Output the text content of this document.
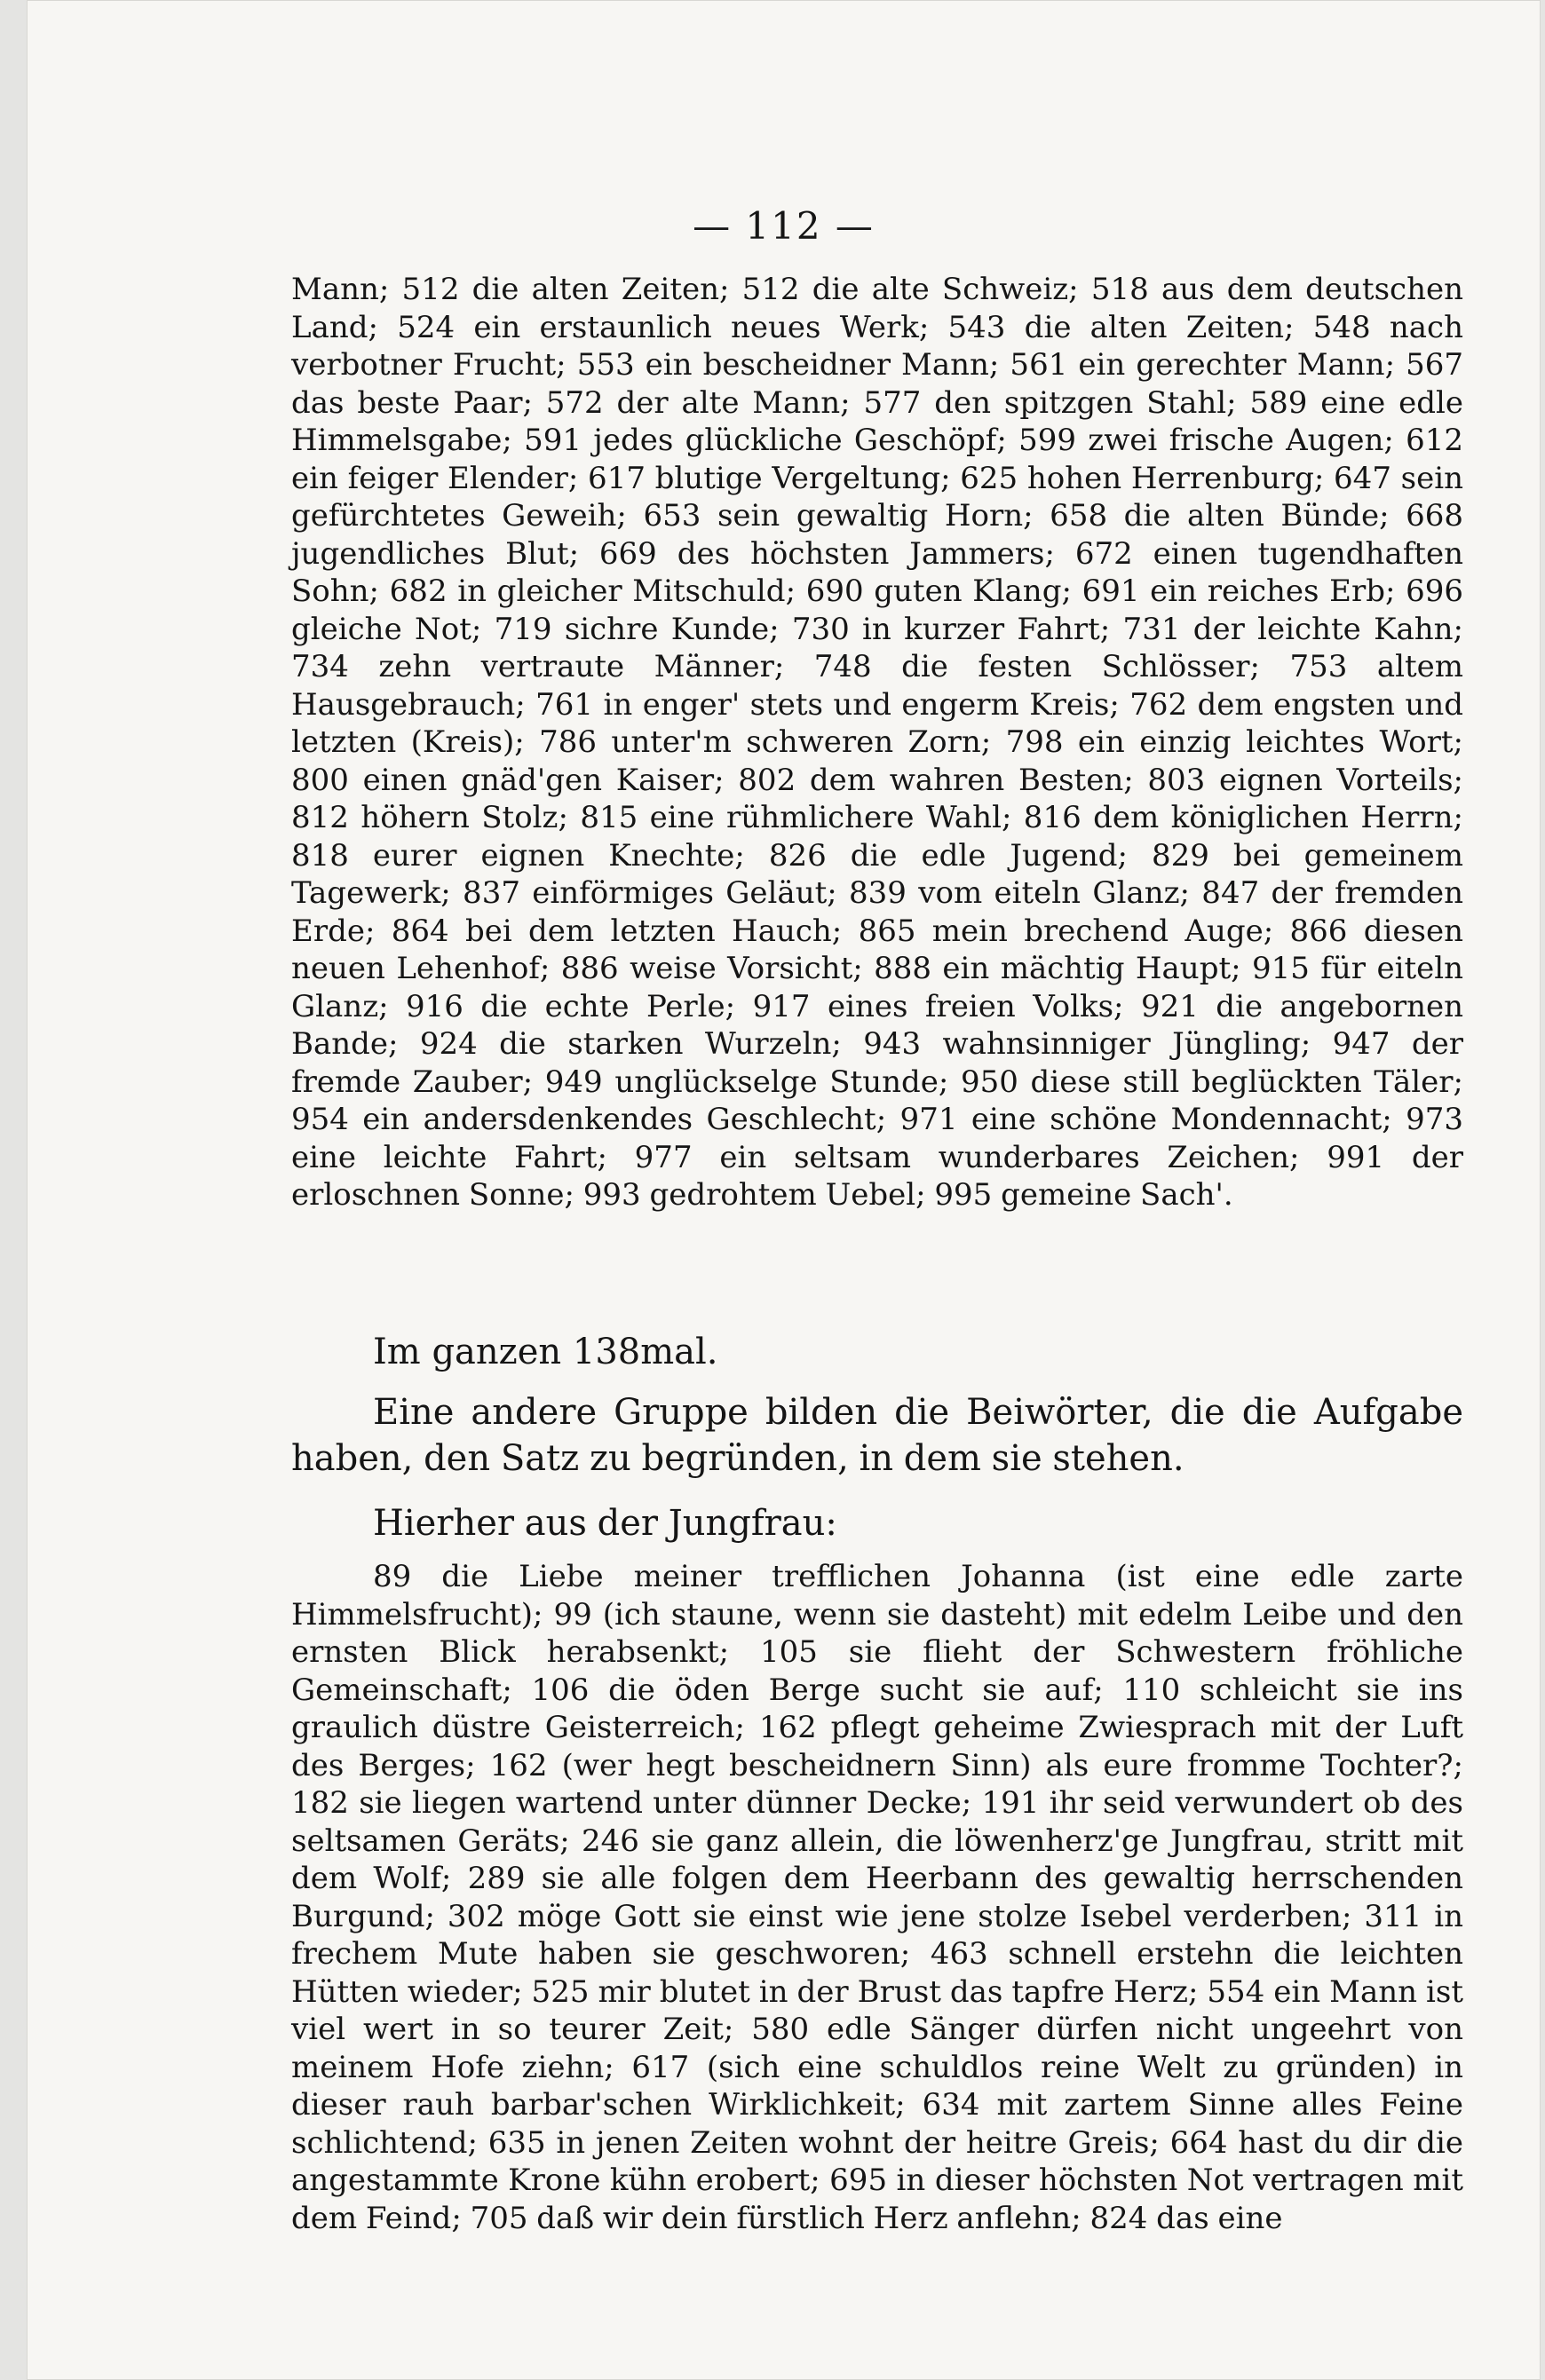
— 112 —

Mann; 512 die alten Zeiten; 512 die alte Schweiz; 518 aus dem deutschen Land; 524 ein erstaunlich neues Werk; 543 die alten Zeiten; 548 nach verbotner Frucht; 553 ein bescheidner Mann; 561 ein gerechter Mann; 567 das beste Paar; 572 der alte Mann; 577 den spitzgen Stahl; 589 eine edle Himmelsgabe; 591 jedes glückliche Geschöpf; 599 zwei frische Augen; 612 ein feiger Elender; 617 blutige Vergeltung; 625 hohen Herrenburg; 647 sein gefürchtetes Geweih; 653 sein gewaltig Horn; 658 die alten Bünde; 668 jugendliches Blut; 669 des höchsten Jammers; 672 einen tugendhaften Sohn; 682 in gleicher Mitschuld; 690 guten Klang; 691 ein reiches Erb; 696 gleiche Not; 719 sichre Kunde; 730 in kurzer Fahrt; 731 der leichte Kahn; 734 zehn vertraute Männer; 748 die festen Schlösser; 753 altem Hausgebrauch; 761 in enger' stets und engerm Kreis; 762 dem engsten und letzten (Kreis); 786 unter'm schweren Zorn; 798 ein einzig leichtes Wort; 800 einen gnäd'gen Kaiser; 802 dem wahren Besten; 803 eignen Vorteils; 812 höhern Stolz; 815 eine rühmlichere Wahl; 816 dem königlichen Herrn; 818 eurer eignen Knechte; 826 die edle Jugend; 829 bei gemeinem Tagewerk; 837 einförmiges Geläut; 839 vom eiteln Glanz; 847 der fremden Erde; 864 bei dem letzten Hauch; 865 mein brechend Auge; 866 diesen neuen Lehenhof; 886 weise Vorsicht; 888 ein mächtig Haupt; 915 für eiteln Glanz; 916 die echte Perle; 917 eines freien Volks; 921 die angebornen Bande; 924 die starken Wurzeln; 943 wahnsinniger Jüngling; 947 der fremde Zauber; 949 unglückselge Stunde; 950 diese still beglückten Täler; 954 ein andersdenkendes Geschlecht; 971 eine schöne Mondennacht; 973 eine leichte Fahrt; 977 ein seltsam wunderbares Zeichen; 991 der erloschnen Sonne; 993 gedrohtem Uebel; 995 gemeine Sach'.

Im ganzen 138mal.

Eine andere Gruppe bilden die Beiwörter, die die Aufgabe haben, den Satz zu begründen, in dem sie stehen.

Hierher aus der Jungfrau:

89 die Liebe meiner trefflichen Johanna (ist eine edle zarte Himmelsfrucht); 99 (ich staune, wenn sie dasteht) mit edelm Leibe und den ernsten Blick herabsenkt; 105 sie flieht der Schwestern fröhliche Gemeinschaft; 106 die öden Berge sucht sie auf; 110 schleicht sie ins graulich düstre Geisterreich; 162 pflegt geheime Zwiesprach mit der Luft des Berges; 162 (wer hegt bescheidnern Sinn) als eure fromme Tochter?; 182 sie liegen wartend unter dünner Decke; 191 ihr seid verwundert ob des seltsamen Geräts; 246 sie ganz allein, die löwenherz'ge Jungfrau, stritt mit dem Wolf; 289 sie alle folgen dem Heerbann des gewaltig herrschenden Burgund; 302 möge Gott sie einst wie jene stolze Isebel verderben; 311 in frechem Mute haben sie geschworen; 463 schnell erstehn die leichten Hütten wieder; 525 mir blutet in der Brust das tapfre Herz; 554 ein Mann ist viel wert in so teurer Zeit; 580 edle Sänger dürfen nicht ungeehrt von meinem Hofe ziehn; 617 (sich eine schuldlos reine Welt zu gründen) in dieser rauh barbar'schen Wirklichkeit; 634 mit zartem Sinne alles Feine schlichtend; 635 in jenen Zeiten wohnt der heitre Greis; 664 hast du dir die angestammte Krone kühn erobert; 695 in dieser höchsten Not vertragen mit dem Feind; 705 daß wir dein fürstlich Herz anflehn; 824 das eine
